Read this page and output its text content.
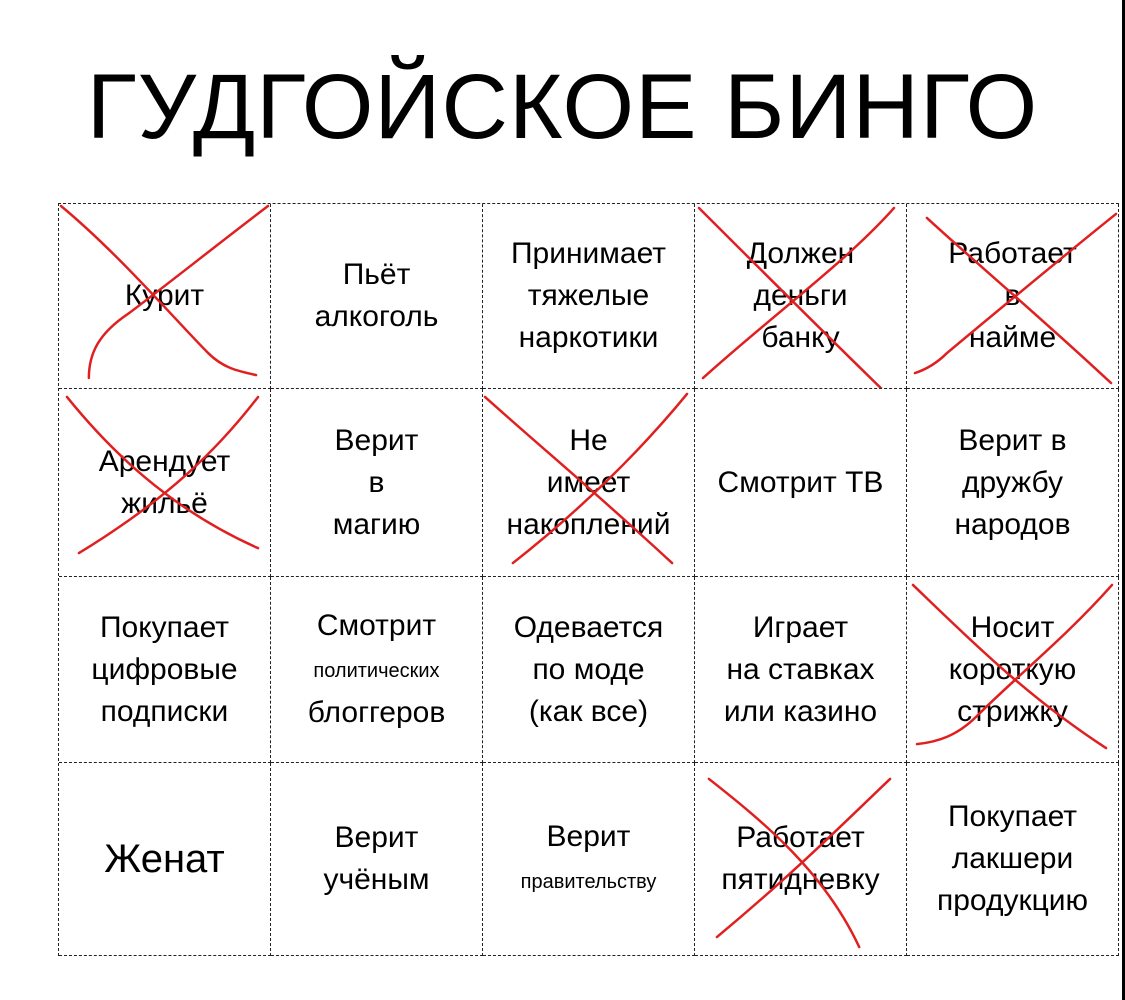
ГУДГОЙСКОЕ БИНГО
Курит
Пьёт
алкоголь
Принимает
тяжелые
наркотики
Должен
деньги
банку
Работает
в
найме
Арендует
жильё
Верит
в
магию
Не
имеет
накоплений
Смотрит ТВ
Верит в
дружбу
народов
Покупает
цифровые
подписки
Смотрит
политических
блоггеров
Одевается
по моде
(как все)
Играет
на ставках
или казино
Носит
короткую
стрижку
Женат	Верит
учёным
Верит
правительству
Работает
пятидневку
Покупает
лакшери
продукцию
